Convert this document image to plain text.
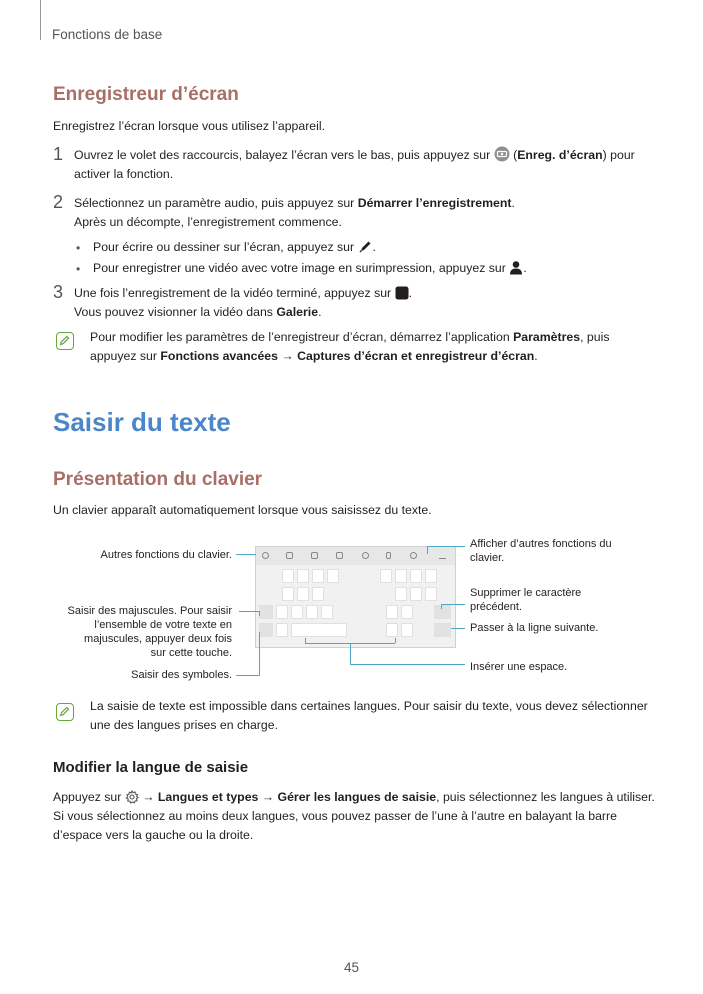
Fonctions de base
Enregistreur d’écran
Enregistrez l’écran lorsque vous utilisez l’appareil.
1 Ouvrez le volet des raccourcis, balayez l’écran vers le bas, puis appuyez sur (Enreg. d’écran) pour
activer la fonction.
2 Sélectionnez un paramètre audio, puis appuyez sur Démarrer l’enregistrement.
Après un décompte, l’enregistrement commence.
• Pour écrire ou dessiner sur l’écran, appuyez sur .
• Pour enregistrer une vidéo avec votre image en surimpression, appuyez sur .
3 Une fois l’enregistrement de la vidéo terminé, appuyez sur .
Vous pouvez visionner la vidéo dans Galerie.
Pour modifier les paramètres de l’enregistreur d’écran, démarrez l’application Paramètres, puis
appuyez sur Fonctions avancées → Captures d’écran et enregistreur d’écran.
Saisir du texte
Présentation du clavier
Un clavier apparaît automatiquement lorsque vous saisissez du texte.
Autres fonctions du clavier.
Saisir des majuscules. Pour saisir
l’ensemble de votre texte en
majuscules, appuyer deux fois
sur cette touche.
Saisir des symboles.
Afficher d’autres fonctions du
clavier.
Supprimer le caractère
précédent.
Passer à la ligne suivante.
Insérer une espace.
La saisie de texte est impossible dans certaines langues. Pour saisir du texte, vous devez sélectionner
une des langues prises en charge.
Modifier la langue de saisie
Appuyez sur → Langues et types → Gérer les langues de saisie, puis sélectionnez les langues à utiliser.
Si vous sélectionnez au moins deux langues, vous pouvez passer de l’une à l’autre en balayant la barre
d’espace vers la gauche ou la droite.
45
